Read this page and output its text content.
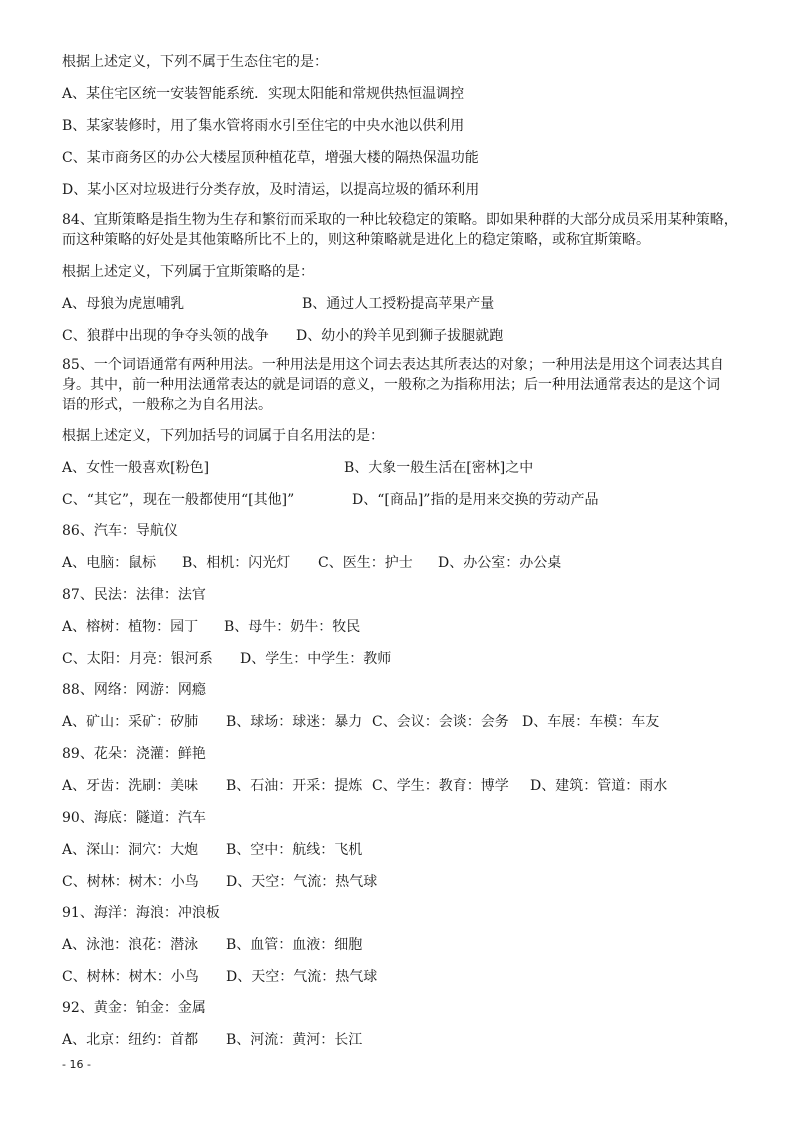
根据上述定义，下列不属于生态住宅的是：
A、某住宅区统一安装智能系统．实现太阳能和常规供热恒温调控
B、某家装修时，用了集水管将雨水引至住宅的中央水池以供利用
C、某市商务区的办公大楼屋顶种植花草，增强大楼的隔热保温功能
D、某小区对垃圾进行分类存放，及时清运，以提高垃圾的循环利用
84、宜斯策略是指生物为生存和繁衍而采取的一种比较稳定的策略。即如果种群的大部分成员采用某种策略，
而这种策略的好处是其他策略所比不上的，则这种策略就是进化上的稳定策略，或称宜斯策略。
根据上述定义，下列属于宜斯策略的是：
A、母狼为虎崽哺乳	B、通过人工授粉提高苹果产量
C、狼群中出现的争夺头领的战争 D、幼小的羚羊见到狮子拔腿就跑
85、一个词语通常有两种用法。一种用法是用这个词去表达其所表达的对象；一种用法是用这个词表达其自
身。其中，前一种用法通常表达的就是词语的意义，一般称之为指称用法；后一种用法通常表达的是这个词
语的形式，一般称之为自名用法。
根据上述定义，下列加括号的词属于自名用法的是：
A、女性一般喜欢[粉色]	B、大象一般生活在[密林]之中
C、“其它”，现在一般都使用“[其他]”	D、“[商品]”指的是用来交换的劳动产品
86、汽车：导航仪
A、电脑：鼠标 B、相机：闪光灯 C、医生：护士 D、办公室：办公桌
87、民法：法律：法官
A、榕树：植物：园丁 B、母牛：奶牛：牧民
C、太阳：月亮：银河系 D、学生：中学生：教师
88、网络：网游：网瘾
A、矿山：采矿：矽肺 B、球场：球迷：暴力 C、会议：会谈：会务 D、车展：车模：车友
89、花朵：浇灌：鲜艳
A、牙齿：洗刷：美味 B、石油：开采：提炼 C、学生：教育：博学 D、建筑：管道：雨水
90、海底：隧道：汽车
A、深山：洞穴：大炮 B、空中：航线：飞机
C、树林：树木：小鸟 D、天空：气流：热气球
91、海洋：海浪：冲浪板
A、泳池：浪花：潜泳 B、血管：血液：细胞
C、树林：树木：小鸟 D、天空：气流：热气球
92、黄金：铂金：金属
A、北京：纽约：首都 B、河流：黄河：长江
- 16 -
